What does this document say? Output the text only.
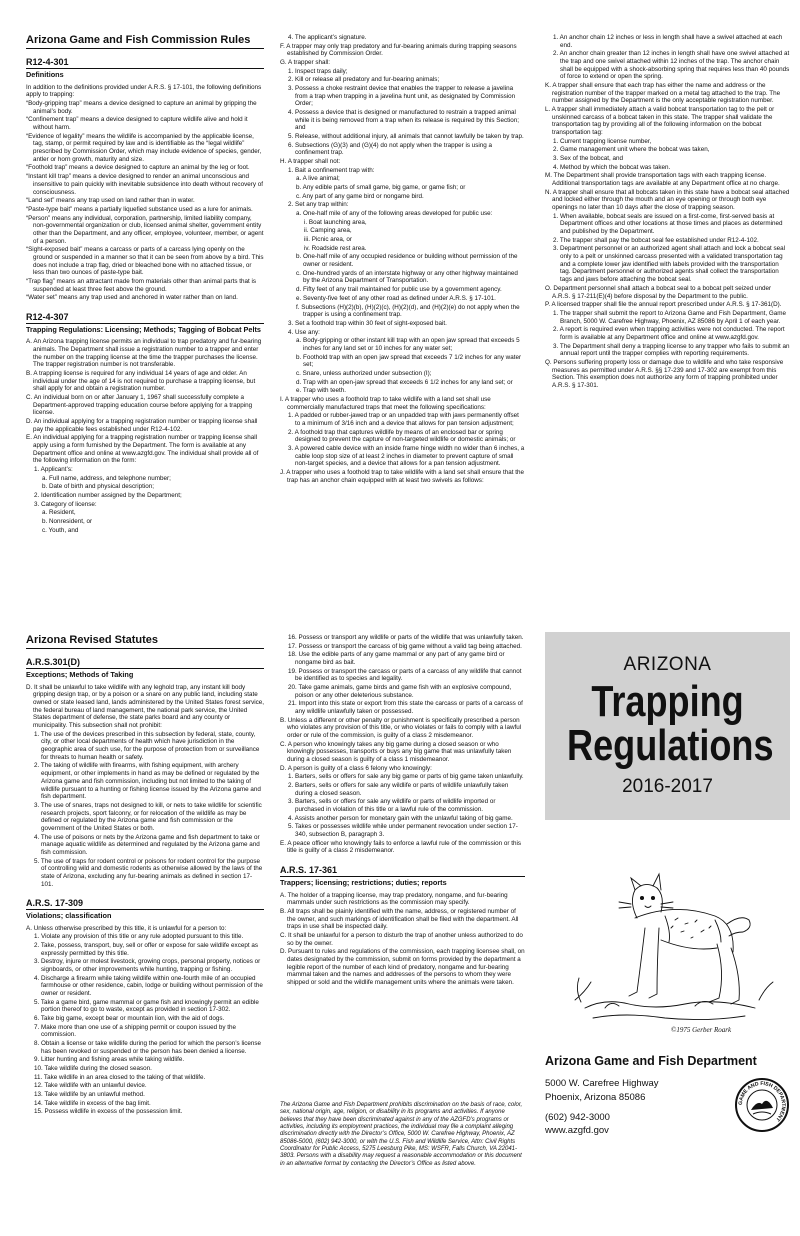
Arizona Game and Fish Commission Rules
R12-4-301
Definitions
In addition to the definitions provided under A.R.S. § 17-101, the following definitions apply to trapping:
“Body-gripping trap” means a device designed to capture an animal by gripping the animal’s body.
“Confinement trap” means a device designed to capture wildlife alive and hold it without harm.
“Evidence of legality” means the wildlife is accompanied by the applicable license, tag, stamp, or permit required by law and is identifiable as the “legal wildlife” prescribed by Commission Order, which may include evidence of species, gender, antler or horn growth, maturity and size.
“Foothold trap” means a device designed to capture an animal by the leg or foot.
“Instant kill trap” means a device designed to render an animal unconscious and insensitive to pain quickly with inevitable subsidence into death without recovery of consciousness.
“Land set” means any trap used on land rather than in water.
“Paste-type bait” means a partially liquefied substance used as a lure for animals.
“Person” means any individual, corporation, partnership, limited liability company, non-governmental organization or club, licensed animal shelter, government entity other than the Department, and any officer, employee, volunteer, member, or agent of a person.
“Sight-exposed bait” means a carcass or parts of a carcass lying openly on the ground or suspended in a manner so that it can be seen from above by a bird. This does not include a trap flag, dried or bleached bone with no attached tissue, or less than two ounces of paste-type bait.
“Trap flag” means an attractant made from materials other than animal parts that is suspended at least three feet above the ground.
“Water set” means any trap used and anchored in water rather than on land.
R12-4-307
Trapping Regulations: Licensing; Methods; Tagging of Bobcat Pelts
A. An Arizona trapping license permits an individual to trap predatory and fur-bearing animals. The Department shall issue a registration number to a trapper and enter the number on the trapping license at the time the trapper purchases the license. The trapper registration number is not transferable.
B. A trapping license is required for any individual 14 years of age and older. An individual under the age of 14 is not required to purchase a trapping license, but shall apply for and obtain a registration number.
C. An individual born on or after January 1, 1967 shall successfully complete a Department-approved trapping education course before applying for a trapping license.
D. An individual applying for a trapping registration number or trapping license shall pay the applicable fees established under R12-4-102.
E. An individual applying for a trapping registration number or trapping license shall apply using a form furnished by the Department. The form is available at any Department office and online at www.azgfd.gov. The individual shall provide all of the following information on the form:
1. Applicant’s:
a. Full name, address, and telephone number;
b. Date of birth and physical description;
2. Identification number assigned by the Department;
3. Category of license:
a. Resident,
b. Nonresident, or
c. Youth, and
4. The applicant’s signature.
F. A trapper may only trap predatory and fur-bearing animals during trapping seasons established by Commission Order.
G. A trapper shall:
1. Inspect traps daily;
2. Kill or release all predatory and fur-bearing animals;
3. Possess a choke restraint device that enables the trapper to release a javelina from a trap when trapping in a javelina hunt unit, as designated by Commission Order;
4. Possess a device that is designed or manufactured to restrain a trapped animal while it is being removed from a trap when its release is required by this Section; and
5. Release, without additional injury, all animals that cannot lawfully be taken by trap.
6. Subsections (G)(3) and (G)(4) do not apply when the trapper is using a confinement trap.
H. A trapper shall not:
1. Bait a confinement trap with:
a. A live animal;
b. Any edible parts of small game, big game, or game fish; or
c. Any part of any game bird or nongame bird.
2. Set any trap within:
a. One-half mile of any of the following areas developed for public use:
i. Boat launching area,
ii. Camping area,
iii. Picnic area, or
iv. Roadside rest area.
b. One-half mile of any occupied residence or building without permission of the owner or resident.
c. One-hundred yards of an interstate highway or any other highway maintained by the Arizona Department of Transportation.
d. Fifty feet of any trail maintained for public use by a government agency.
e. Seventy-five feet of any other road as defined under A.R.S. § 17-101.
f. Subsections (H)(2)(b), (H)(2)(c), (H)(2)(d), and (H)(2)(e) do not apply when the trapper is using a confinement trap.
3. Set a foothold trap within 30 feet of sight-exposed bait.
4. Use any:
a. Body-gripping or other instant kill trap with an open jaw spread that exceeds 5 inches for any land set or 10 inches for any water set;
b. Foothold trap with an open jaw spread that exceeds 7 1/2 inches for any water set;
c. Snare, unless authorized under subsection (I);
d. Trap with an open-jaw spread that exceeds 6 1/2 inches for any land set; or
e. Trap with teeth.
I. A trapper who uses a foothold trap to take wildlife with a land set shall use commercially manufactured traps that meet the following specifications:
1. A padded or rubber-jawed trap or an unpadded trap with jaws permanently offset to a minimum of 3/16 inch and a device that allows for pan tension adjustment;
2. A foothold trap that captures wildlife by means of an enclosed bar or spring designed to prevent the capture of non-targeted wildlife or domestic animals; or
3. A powered cable device with an inside frame hinge width no wider than 6 inches, a cable loop stop size of at least 2 inches in diameter to prevent capture of small non-target species, and a device that allows for a pan tension adjustment.
J. A trapper who uses a foothold trap to take wildlife with a land set shall ensure that the trap has an anchor chain equipped with at least two swivels as follows:
1. An anchor chain 12 inches or less in length shall have a swivel attached at each end.
2. An anchor chain greater than 12 inches in length shall have one swivel attached at the trap and one swivel attached within 12 inches of the trap. The anchor chain shall be equipped with a shock-absorbing spring that requires less than 40 pounds of force to extend or open the spring.
K. A trapper shall ensure that each trap has either the name and address or the registration number of the trapper marked on a metal tag attached to the trap. The number assigned by the Department is the only acceptable registration number.
L. A trapper shall immediately attach a valid bobcat transportation tag to the pelt or unskinned carcass of a bobcat taken in this state. The trapper shall validate the transportation tag by providing all of the following information on the bobcat transportation tag:
1. Current trapping license number,
2. Game management unit where the bobcat was taken,
3. Sex of the bobcat, and
4. Method by which the bobcat was taken.
M. The Department shall provide transportation tags with each trapping license. Additional transportation tags are available at any Department office at no charge.
N. A trapper shall ensure that all bobcats taken in this state have a bobcat seal attached and locked either through the mouth and an eye opening or through both eye openings no later than 10 days after the close of trapping season.
1. When available, bobcat seals are issued on a first-come, first-served basis at Department offices and other locations at those times and places as determined and published by the Department.
2. The trapper shall pay the bobcat seal fee established under R12-4-102.
3. Department personnel or an authorized agent shall attach and lock a bobcat seal only to a pelt or unskinned carcass presented with a validated transportation tag and a complete lower jaw identified with labels provided with the transportation tag. Department personnel or authorized agents shall collect the transportation tags and jaws before attaching the bobcat seal.
O. Department personnel shall attach a bobcat seal to a bobcat pelt seized under A.R.S. § 17-211(E)(4) before disposal by the Department to the public.
P. A licensed trapper shall file the annual report prescribed under A.R.S. § 17-361(D).
1. The trapper shall submit the report to Arizona Game and Fish Department, Game Branch, 5000 W. Carefree Highway, Phoenix, AZ 85086 by April 1 of each year.
2. A report is required even when trapping activities were not conducted. The report form is available at any Department office and online at www.azgfd.gov.
3. The Department shall deny a trapping license to any trapper who fails to submit an annual report until the trapper complies with reporting requirements.
Q. Persons suffering property loss or damage due to wildlife and who take responsive measures as permitted under A.R.S. §§ 17-239 and 17-302 are exempt from this Section. This exemption does not authorize any form of trapping prohibited under A.R.S. § 17-301.
Arizona Revised Statutes
A.R.S.301(D)
Exceptions; Methods of Taking
D. It shall be unlawful to take wildlife with any leghold trap, any instant kill body gripping design trap, or by a poison or a snare on any public land, including state owned or state leased land, lands administered by the United States forest service, the federal bureau of land management, the national park service, the United States department of defense, the state parks board and any county or municipality. This subsection shall not prohibit:
1. The use of the devices prescribed in this subsection by federal, state, county, city, or other local departments of health which have jurisdiction in the geographic area of such use, for the purpose of protection from or surveillance for threats to human health or safety.
2. The taking of wildlife with firearms, with fishing equipment, with archery equipment, or other implements in hand as may be defined or regulated by the Arizona game and fish commission, including but not limited to the taking of wildlife pursuant to a hunting or fishing license issued by the Arizona game and fish department.
3. The use of snares, traps not designed to kill, or nets to take wildlife for scientific research projects, sport falconry, or for relocation of the wildlife as may be defined or regulated by the Arizona game and fish commission or the government of the United States or both.
4. The use of poisons or nets by the Arizona game and fish department to take or manage aquatic wildlife as determined and regulated by the Arizona game and fish commission.
5. The use of traps for rodent control or poisons for rodent control for the purpose of controlling wild and domestic rodents as otherwise allowed by the laws of the state of Arizona, excluding any fur-bearing animals as defined in section 17-101.
A.R.S. 17-309
Violations; classification
A. Unless otherwise prescribed by this title, it is unlawful for a person to:
1. Violate any provision of this title or any rule adopted pursuant to this title.
2. Take, possess, transport, buy, sell or offer or expose for sale wildlife except as expressly permitted by this title.
3. Destroy, injure or molest livestock, growing crops, personal property, notices or signboards, or other improvements while hunting, trapping or fishing.
4. Discharge a firearm while taking wildlife within one-fourth mile of an occupied farmhouse or other residence, cabin, lodge or building without permission of the owner or resident.
5. Take a game bird, game mammal or game fish and knowingly permit an edible portion thereof to go to waste, except as provided in section 17-302.
6. Take big game, except bear or mountain lion, with the aid of dogs.
7. Make more than one use of a shipping permit or coupon issued by the commission.
8. Obtain a license or take wildlife during the period for which the person’s license has been revoked or suspended or the person has been denied a license.
9. Litter hunting and fishing areas while taking wildlife.
10. Take wildlife during the closed season.
11. Take wildlife in an area closed to the taking of that wildlife.
12. Take wildlife with an unlawful device.
13. Take wildlife by an unlawful method.
14. Take wildlife in excess of the bag limit.
15. Possess wildlife in excess of the possession limit.
16. Possess or transport any wildlife or parts of the wildlife that was unlawfully taken.
17. Possess or transport the carcass of big game without a valid tag being attached.
18. Use the edible parts of any game mammal or any part of any game bird or nongame bird as bait.
19. Possess or transport the carcass or parts of a carcass of any wildlife that cannot be identified as to species and legality.
20. Take game animals, game birds and game fish with an explosive compound, poison or any other deleterious substance.
21. Import into this state or export from this state the carcass or parts of a carcass of any wildlife unlawfully taken or possessed.
B. Unless a different or other penalty or punishment is specifically prescribed a person who violates any provision of this title, or who violates or fails to comply with a lawful order or rule of the commission, is guilty of a class 2 misdemeanor.
C. A person who knowingly takes any big game during a closed season or who knowingly possesses, transports or buys any big game that was unlawfully taken during a closed season is guilty of a class 1 misdemeanor.
D. A person is guilty of a class 6 felony who knowingly:
1. Barters, sells or offers for sale any big game or parts of big game taken unlawfully.
2. Barters, sells or offers for sale any wildlife or parts of wildlife unlawfully taken during a closed season.
3. Barters, sells or offers for sale any wildlife or parts of wildlife imported or purchased in violation of this title or a lawful rule of the commission.
4. Assists another person for monetary gain with the unlawful taking of big game.
5. Takes or possesses wildlife while under permanent revocation under section 17-340, subsection B, paragraph 3.
E. A peace officer who knowingly fails to enforce a lawful rule of the commission or this title is guilty of a class 2 misdemeanor.
A.R.S. 17-361
Trappers; licensing; restrictions; duties; reports
A. The holder of a trapping license, may trap predatory, nongame, and fur-bearing mammals under such restrictions as the commission may specify.
B. All traps shall be plainly identified with the name, address, or registered number of the owner, and such markings of identification shall be filed with the department. All traps in use shall be inspected daily.
C. It shall be unlawful for a person to disturb the trap of another unless authorized to do so by the owner.
D. Pursuant to rules and regulations of the commission, each trapping licensee shall, on dates designated by the commission, submit on forms provided by the department a legible report of the number of each kind of predatory, nongame and fur-bearing mammal taken and the names and addresses of the persons to whom they were shipped or sold and the wildlife management units where the animals were taken.
The Arizona Game and Fish Department prohibits discrimination on the basis of race, color, sex, national origin, age, religion, or disability in its programs and activities. If anyone believes that they have been discriminated against in any of the AZGFD’s programs or activities, including its employment practices, the individual may file a complaint alleging discrimination directly with the Director’s Office, 5000 W. Carefree Highway, Phoenix, AZ 85086-5000, (602) 942-3000, or with the U.S. Fish and Wildlife Service, Attn: Civil Rights Coordinator for Public Access, 5275 Leesburg Pike, MS: WSFR, Falls Church, VA 22041-3803. Persons with a disability may request a reasonable accommodation or this document in an alternative format by contacting the Director’s Office as listed above.
ARIZONA
Trapping
Regulations
2016-2017
©1975 Gerber Roark
Arizona Game and Fish Department
5000 W. Carefree Highway
Phoenix, Arizona 85086
(602) 942-3000
www.azgfd.gov
GAME AND FISH DEPARTMENT
